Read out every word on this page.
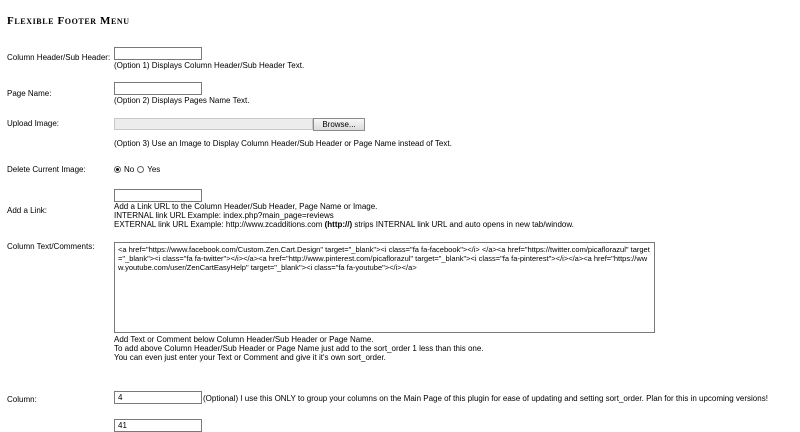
Flexible Footer Menu
Column Header/Sub Header:
(Option 1) Displays Column Header/Sub Header Text.
Page Name:
(Option 2) Displays Pages Name Text.
Upload Image:	Browse...
(Option 3) Use an Image to Display Column Header/Sub Header or Page Name instead of Text.
Delete Current Image:	No Yes
Add a Link:	Add a Link URL to the Column Header/Sub Header, Page Name or Image.
INTERNAL link URL Example: index.php?main_page=reviews
EXTERNAL link URL Example: http://www.zcadditions.com (http://) strips INTERNAL link URL and auto opens in new tab/window.
Column Text/Comments:	<a href="https://www.facebook.com/Custom.Zen.Cart.Design" target="_blank"><i class="fa fa-facebook"></i> </a><a href="https://twitter.com/picaflorazul" target="_blank"><i class="fa fa-twitter"></i></a><a href="http://www.pinterest.com/picaflorazul" target="_blank"><i class="fa fa-pinterest"></i></a><a href="https://www.youtube.com/user/ZenCartEasyHelp" target="_blank"><i class="fa fa-youtube"></i></a>
Add Text or Comment below Column Header/Sub Header or Page Name.
To add above Column Header/Sub Header or Page Name just add to the sort_order 1 less than this one.
You can even just enter your Text or Comment and give it it's own sort_order.
Column:
4	(Optional) I use this ONLY to group your columns on the Main Page of this plugin for ease of updating and setting sort_order. Plan for this in upcoming versions!
41
